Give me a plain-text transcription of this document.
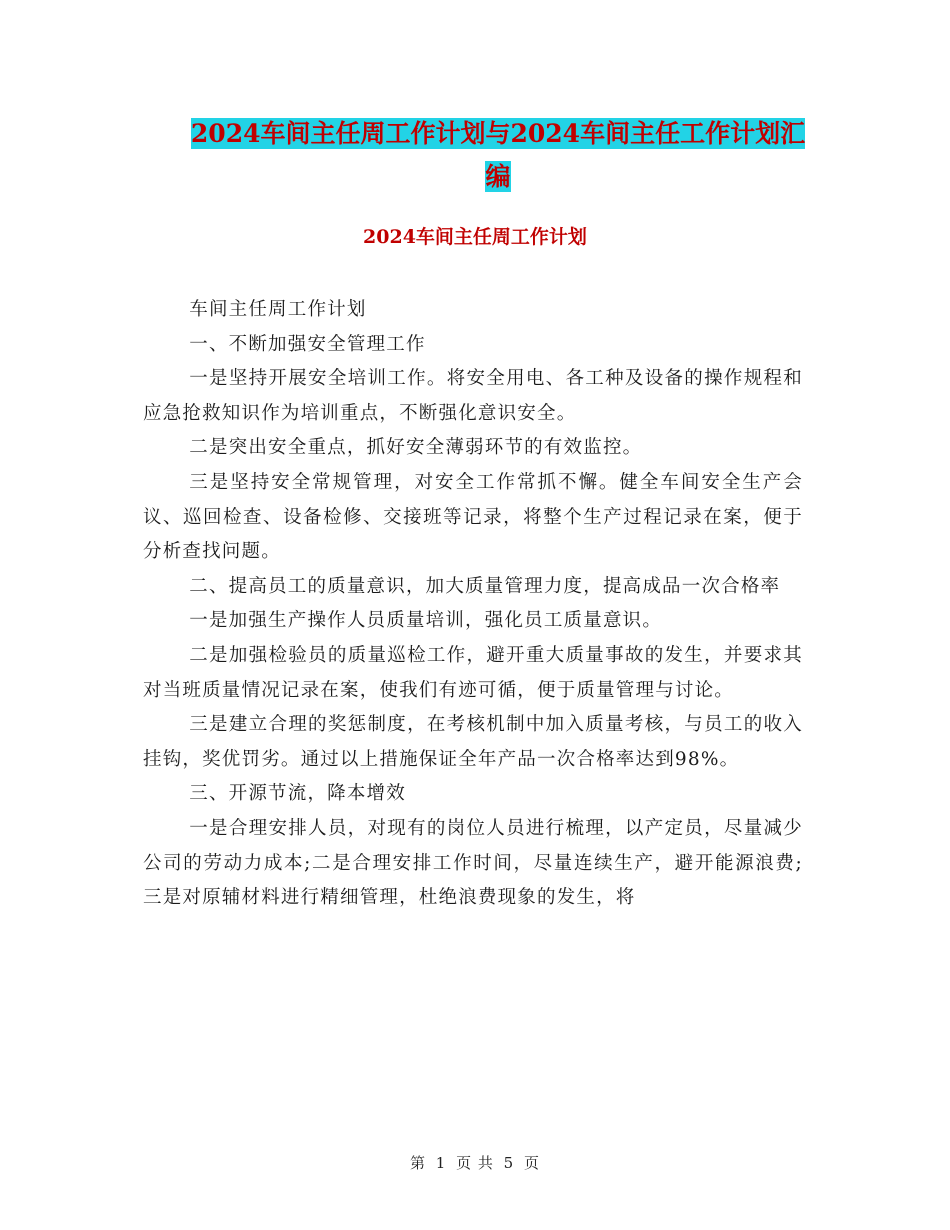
2024车间主任周工作计划与2024车间主任工作计划汇编
2024车间主任周工作计划

车间主任周工作计划

一、不断加强安全管理工作

一是坚持开展安全培训工作。将安全用电、各工种及设备的操作规程和应急抢救知识作为培训重点，不断强化意识安全。

二是突出安全重点，抓好安全薄弱环节的有效监控。

三是坚持安全常规管理，对安全工作常抓不懈。健全车间安全生产会议、巡回检查、设备检修、交接班等记录，将整个生产过程记录在案，便于分析查找问题。

二、提高员工的质量意识，加大质量管理力度，提高成品一次合格率

一是加强生产操作人员质量培训，强化员工质量意识。

二是加强检验员的质量巡检工作，避开重大质量事故的发生，并要求其对当班质量情况记录在案，使我们有迹可循，便于质量管理与讨论。

三是建立合理的奖惩制度，在考核机制中加入质量考核，与员工的收入挂钩，奖优罚劣。通过以上措施保证全年产品一次合格率达到98%。

三、开源节流，降本增效

一是合理安排人员，对现有的岗位人员进行梳理，以产定员，尽量减少公司的劳动力成本;二是合理安排工作时间，尽量连续生产，避开能源浪费;三是对原辅材料进行精细管理，杜绝浪费现象的发生，将

第 1 页 共 5 页
